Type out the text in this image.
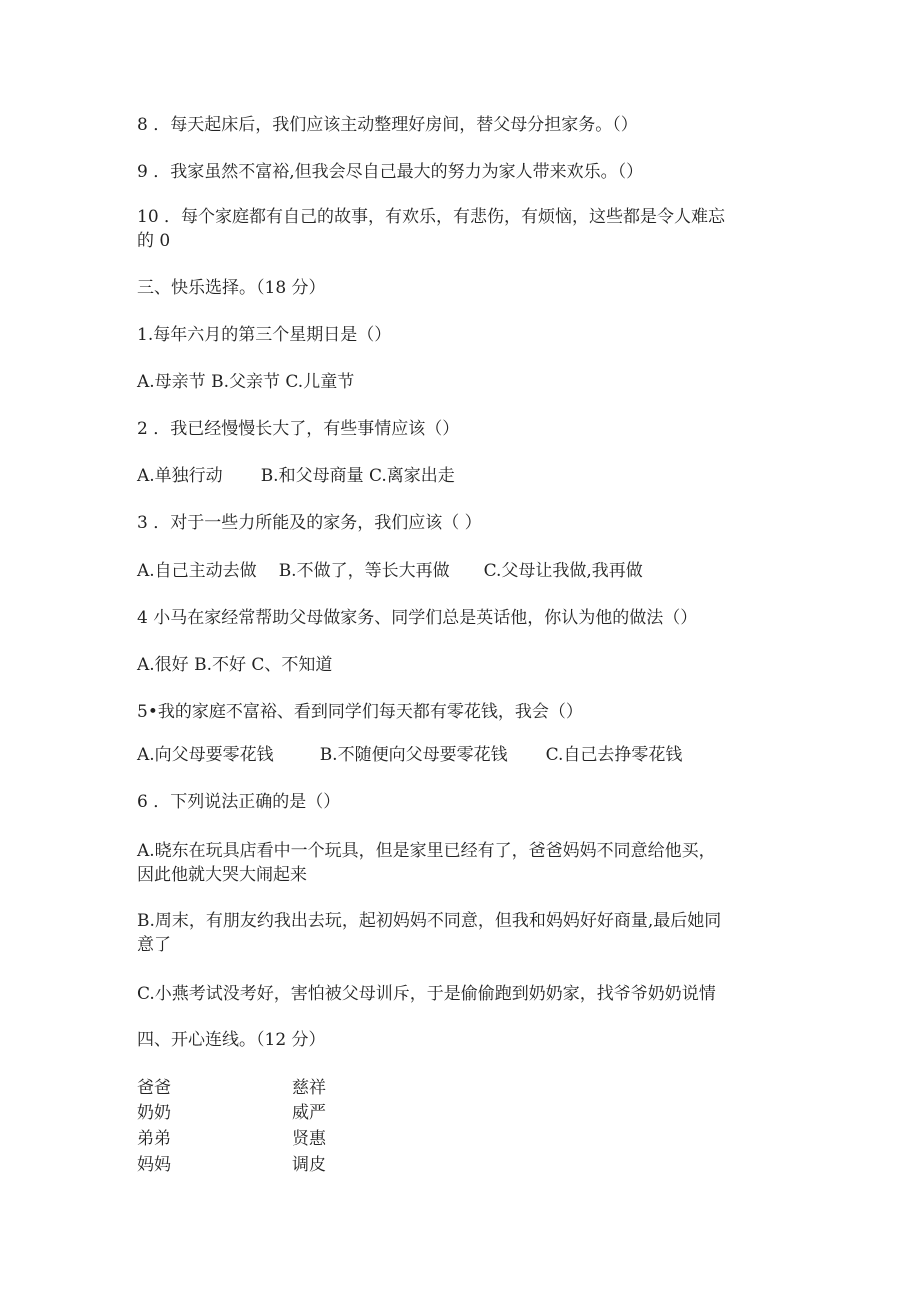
8 ．每天起床后，我们应该主动整理好房间，替父母分担家务。（）
9 ．我家虽然不富裕,但我会尽自己最大的努力为家人带来欢乐。（）
10 ．每个家庭都有自己的故事，有欢乐，有悲伤，有烦恼，这些都是令人难忘
的 0
三、快乐选择。（18 分）
1.每年六月的第三个星期日是（）
A.母亲节 B.父亲节 C.儿童节
2 ．我已经慢慢长大了，有些事情应该（）
A.单独行动 B.和父母商量 C.离家出走
3 ．对于一些力所能及的家务，我们应该（ ）
A.自己主动去做 B.不做了，等长大再做 C.父母让我做,我再做
4 小马在家经常帮助父母做家务、同学们总是英话他，你认为他的做法（）
A.很好 B.不好 C、不知道
5•我的家庭不富裕、看到同学们每天都有零花钱，我会（）
A.向父母要零花钱	B.不随便向父母要零花钱 C.自己去挣零花钱
6 ．下列说法正确的是（）
A.晓东在玩具店看中一个玩具，但是家里已经有了，爸爸妈妈不同意给他买，
因此他就大哭大闹起来
B.周末，有朋友约我出去玩，起初妈妈不同意，但我和妈妈好好商量,最后她同
意了
C.小燕考试没考好，害怕被父母训斥，于是偷偷跑到奶奶家，找爷爷奶奶说情
四、开心连线。（12 分）
爸爸	慈祥
奶奶	威严
弟弟	贤惠
妈妈	调皮
